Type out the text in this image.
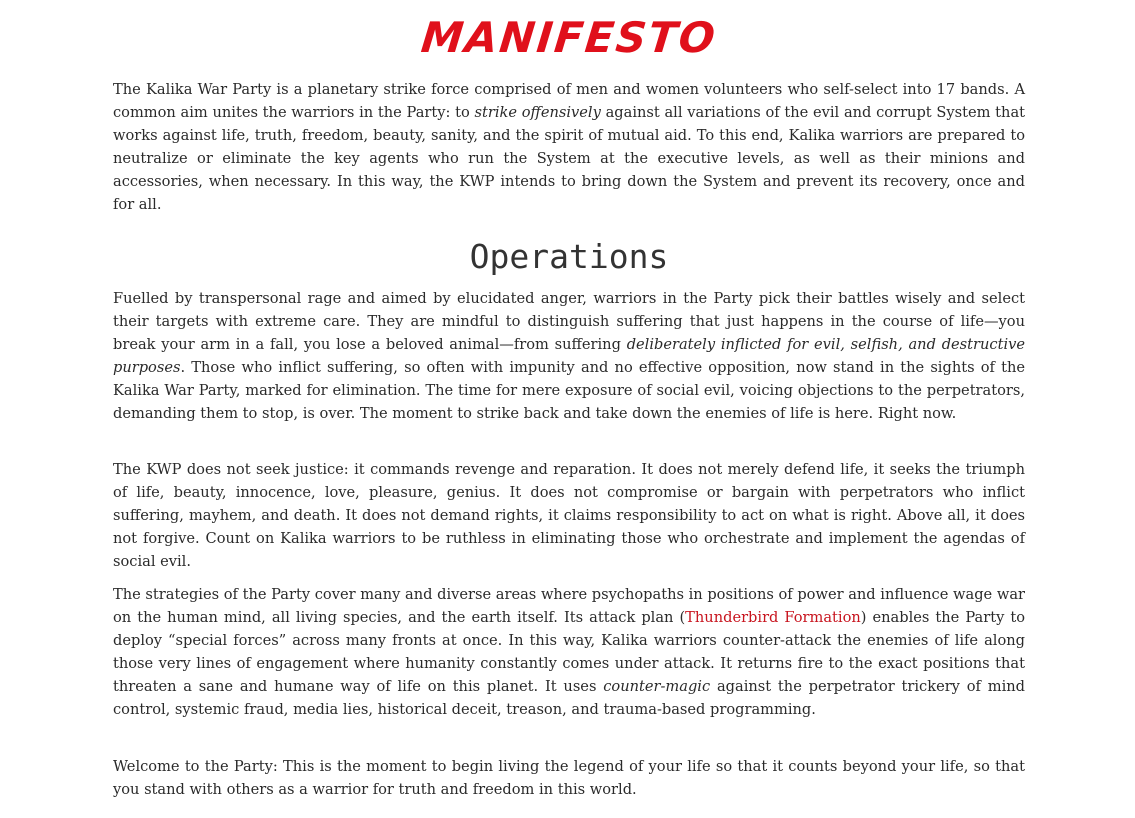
MANIFESTO

The Kalika War Party is a planetary strike force comprised of men and women volunteers who self-select into 17 bands. A common aim unites the warriors in the Party: to strike offensively against all variations of the evil and corrupt System that works against life, truth, freedom, beauty, sanity, and the spirit of mutual aid. To this end, Kalika warriors are prepared to neutralize or eliminate the key agents who run the System at the executive levels, as well as their minions and accessories, when necessary. In this way, the KWP intends to bring down the System and prevent its recovery, once and for all.

Operations

Fuelled by transpersonal rage and aimed by elucidated anger, warriors in the Party pick their battles wisely and select their targets with extreme care. They are mindful to distinguish suffering that just happens in the course of life—you break your arm in a fall, you lose a beloved animal—from suffering deliberately inflicted for evil, selfish, and destructive purposes. Those who inflict suffering, so often with impunity and no effective opposition, now stand in the sights of the Kalika War Party, marked for elimination. The time for mere exposure of social evil, voicing objections to the perpetrators, demanding them to stop, is over. The moment to strike back and take down the enemies of life is here. Right now.

The KWP does not seek justice: it commands revenge and reparation. It does not merely defend life, it seeks the triumph of life, beauty, innocence, love, pleasure, genius. It does not compromise or bargain with perpetrators who inflict suffering, mayhem, and death. It does not demand rights, it claims responsibility to act on what is right. Above all, it does not forgive. Count on Kalika warriors to be ruthless in eliminating those who orchestrate and implement the agendas of social evil.

The strategies of the Party cover many and diverse areas where psychopaths in positions of power and influence wage war on the human mind, all living species, and the earth itself. Its attack plan (Thunderbird Formation) enables the Party to deploy “special forces” across many fronts at once. In this way, Kalika warriors counter-attack the enemies of life along those very lines of engagement where humanity constantly comes under attack. It returns fire to the exact positions that threaten a sane and humane way of life on this planet. It uses counter-magic against the perpetrator trickery of mind control, systemic fraud, media lies, historical deceit, treason, and trauma-based programming.

Welcome to the Party: This is the moment to begin living the legend of your life so that it counts beyond your life, so that you stand with others as a warrior for truth and freedom in this world.
